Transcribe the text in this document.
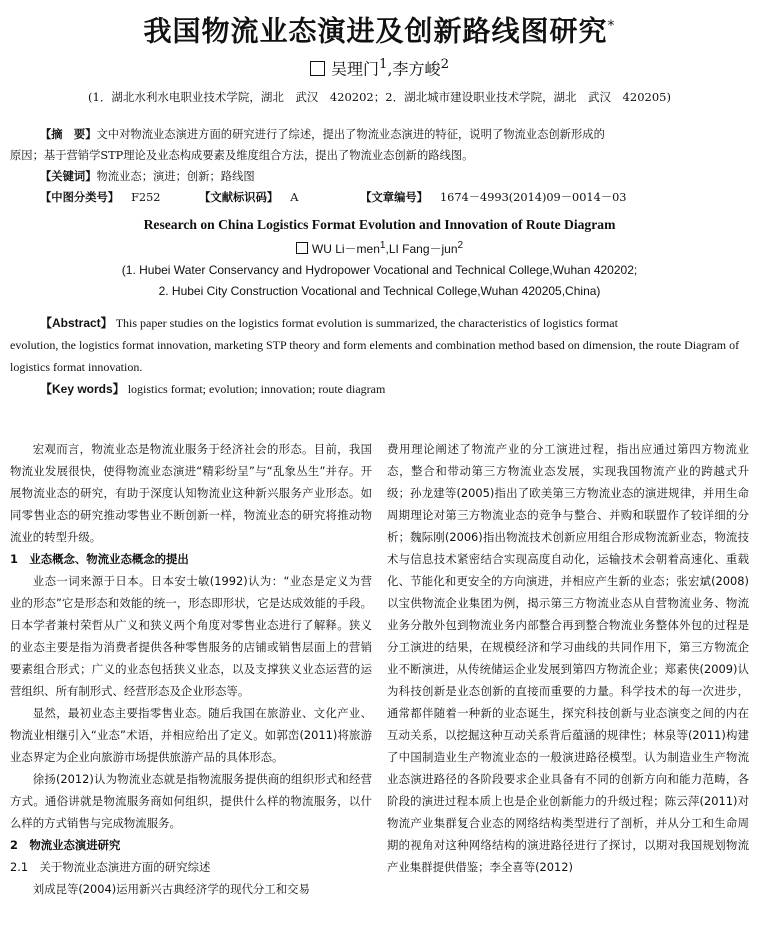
我国物流业态演进及创新路线图研究*
吴理门$^1$,李方峻$^2$
(1．湖北水利水电职业技术学院，湖北　武汉　420202；2．湖北城市建设职业技术学院，湖北　武汉　420205)
【摘　要】文中对物流业态演进方面的研究进行了综述，提出了物流业态演进的特征，说明了物流业态创新形成的
原因；基于营销学STP理论及业态构成要素及维度组合方法，提出了物流业态创新的路线图。
【关键词】物流业态；演进；创新；路线图
【中图分类号】 F252	【文献标识码】 A	【文章编号】 1674－4993(2014)09－0014－03
Research on China Logistics Format Evolution and Innovation of Route Diagram
WU Li－men$^1$,LI Fang－jun$^2$
(1. Hubei Water Conservancy and Hydropower Vocational and Technical College,Wuhan 420202;
2. Hubei City Construction Vocational and Technical College,Wuhan 420205,China)
【Abstract】 This paper studies on the logistics format evolution is summarized, the characteristics of logistics format
evolution, the logistics format innovation, marketing STP theory and form elements and combination method based on dimension, the route Diagram of logistics format innovation.
【Key words】 logistics format; evolution; innovation; route diagram

宏观而言，物流业态是物流业服务于经济社会的形态。目前，我国物流业发展很快，使得物流业态演进“精彩纷呈”与“乱象丛生”并存。开展物流业态的研究，有助于深度认知物流业这种新兴服务产业形态。如同零售业态的研究推动零售业不断创新一样，物流业态的研究将推动物流业的转型升级。

1　业态概念、物流业态概念的提出

业态一词来源于日本。日本安士敏(1992)认为：“业态是定义为营业的形态”它是形态和效能的统一，形态即形状，它是达成效能的手段。日本学者兼村荣哲从广义和狭义两个角度对零售业态进行了解释。狭义的业态主要是指为消费者提供各种零售服务的店铺或销售层面上的营销要素组合形式；广义的业态包括狭义业态，以及支撑狭义业态运营的运营组织、所有制形式、经营形态及企业形态等。

显然，最初业态主要指零售业态。随后我国在旅游业、文化产业、物流业相继引入“业态”术语，并相应给出了定义。如郭峦(2011)将旅游业态界定为企业向旅游市场提供旅游产品的具体形态。

徐扬(2012)认为物流业态就是指物流服务提供商的组织形式和经营方式。通俗讲就是物流服务商如何组织，提供什么样的物流服务，以什么样的方式销售与完成物流服务。

2　物流业态演进研究
2.1　关于物流业态演进方面的研究综述

刘成昆等(2004)运用新兴古典经济学的现代分工和交易

费用理论阐述了物流产业的分工演进过程，指出应通过第四方物流业态，整合和带动第三方物流业态发展，实现我国物流产业的跨越式升级；孙龙建等(2005)指出了欧美第三方物流业态的演进规律，并用生命周期理论对第三方物流业态的竞争与整合、并购和联盟作了较详细的分析；魏际刚(2006)指出物流技术创新应用组合形成物流新业态，物流技术与信息技术紧密结合实现高度自动化，运输技术会朝着高速化、重载化、节能化和更安全的方向演进，并相应产生新的业态；张宏斌(2008)以宝供物流企业集团为例，揭示第三方物流业态从自营物流业务、物流业务分散外包到物流业务内部整合再到整合物流业务整体外包的过程是分工演进的结果，在规模经济和学习曲线的共同作用下，第三方物流企业不断演进，从传统储运企业发展到第四方物流企业；郑素侠(2009)认为科技创新是业态创新的直接而重要的力量。科学技术的每一次进步，通常都伴随着一种新的业态诞生，探究科技创新与业态演变之间的内在互动关系，以挖掘这种互动关系背后蕴涵的规律性；林泉等(2011)构建了中国制造业生产物流业态的一般演进路径模型。认为制造业生产物流业态演进路径的各阶段要求企业具备有不同的创新方向和能力范畴，各阶段的演进过程本质上也是企业创新能力的升级过程；陈云萍(2011)对物流产业集群复合业态的网络结构类型进行了剖析，并从分工和生命周期的视角对这种网络结构的演进路径进行了探讨，以期对我国规划物流产业集群提供借鉴；李全喜等(2012)
